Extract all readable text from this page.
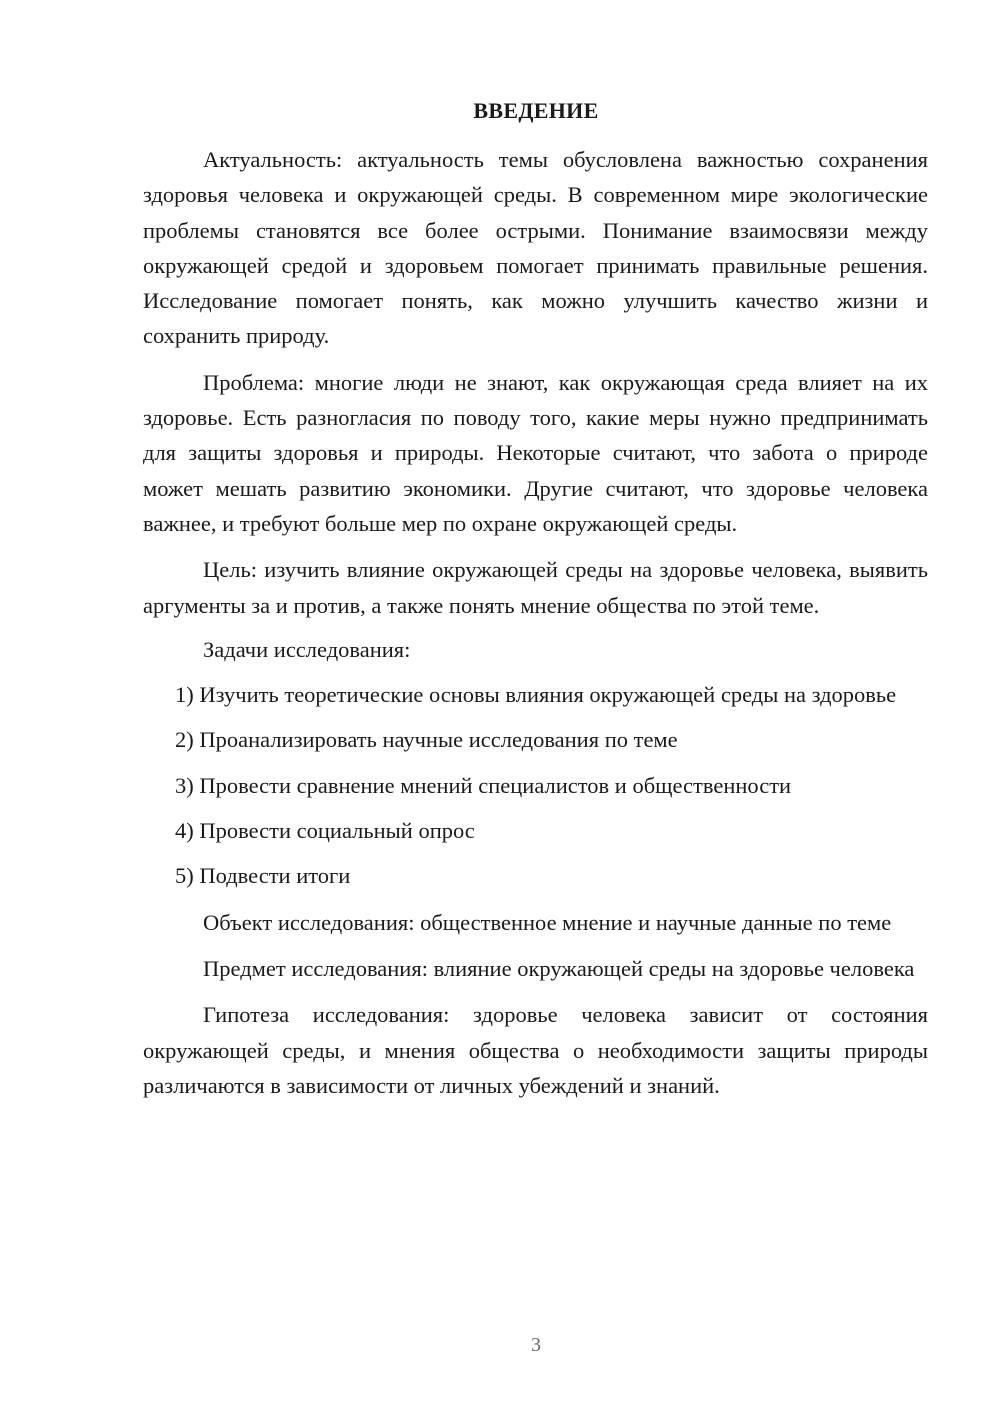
ВВЕДЕНИЕ

Актуальность: актуальность темы обусловлена важностью сохранения здоровья человека и окружающей среды. В современном мире экологические проблемы становятся все более острыми. Понимание взаимосвязи между окружающей средой и здоровьем помогает принимать правильные решения. Исследование помогает понять, как можно улучшить качество жизни и сохранить природу.

Проблема: многие люди не знают, как окружающая среда влияет на их здоровье. Есть разногласия по поводу того, какие меры нужно предпринимать для защиты здоровья и природы. Некоторые считают, что забота о природе может мешать развитию экономики. Другие считают, что здоровье человека важнее, и требуют больше мер по охране окружающей среды.

Цель: изучить влияние окружающей среды на здоровье человека, выявить аргументы за и против, а также понять мнение общества по этой теме.

Задачи исследования:

1) Изучить теоретические основы влияния окружающей среды на здоровье

2) Проанализировать научные исследования по теме

3) Провести сравнение мнений специалистов и общественности

4) Провести социальный опрос

5) Подвести итоги

Объект исследования: общественное мнение и научные данные по теме

Предмет исследования: влияние окружающей среды на здоровье человека

Гипотеза исследования: здоровье человека зависит от состояния окружающей среды, и мнения общества о необходимости защиты природы различаются в зависимости от личных убеждений и знаний.

3
